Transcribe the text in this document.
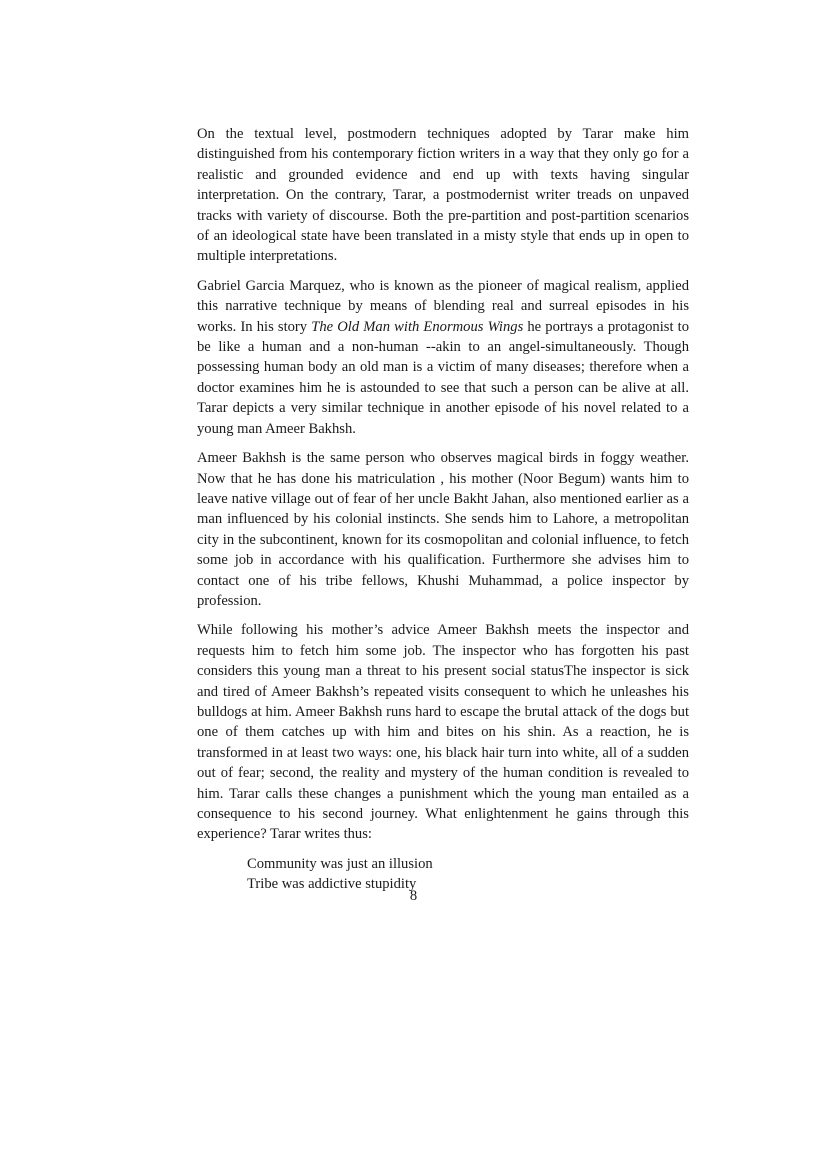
On the textual level, postmodern techniques adopted by Tarar make him distinguished from his contemporary fiction writers in a way that they only go for a realistic and grounded evidence and end up with texts having singular interpretation. On the contrary, Tarar, a postmodernist writer treads on unpaved tracks with variety of discourse. Both the pre-partition and post-partition scenarios of an ideological state have been translated in a misty style that ends up in open to multiple interpretations.

Gabriel Garcia Marquez, who is known as the pioneer of magical realism, applied this narrative technique by means of blending real and surreal episodes in his works. In his story The Old Man with Enormous Wings he portrays a protagonist to be like a human and a non-human --akin to an angel-simultaneously. Though possessing human body an old man is a victim of many diseases; therefore when a doctor examines him he is astounded to see that such a person can be alive at all. Tarar depicts a very similar technique in another episode of his novel related to a young man Ameer Bakhsh.

Ameer Bakhsh is the same person who observes magical birds in foggy weather. Now that he has done his matriculation , his mother (Noor Begum) wants him to leave native village out of fear of her uncle Bakht Jahan, also mentioned earlier as a man influenced by his colonial instincts. She sends him to Lahore, a metropolitan city in the subcontinent, known for its cosmopolitan and colonial influence, to fetch some job in accordance with his qualification. Furthermore she advises him to contact one of his tribe fellows, Khushi Muhammad, a police inspector by profession.

While following his mother’s advice Ameer Bakhsh meets the inspector and requests him to fetch him some job. The inspector who has forgotten his past considers this young man a threat to his present social statusThe inspector is sick and tired of Ameer Bakhsh’s repeated visits consequent to which he unleashes his bulldogs at him. Ameer Bakhsh runs hard to escape the brutal attack of the dogs but one of them catches up with him and bites on his shin. As a reaction, he is transformed in at least two ways: one, his black hair turn into white, all of a sudden out of fear; second, the reality and mystery of the human condition is revealed to him. Tarar calls these changes a punishment which the young man entailed as a consequence to his second journey. What enlightenment he gains through this experience? Tarar writes thus:

Community was just an illusion
Tribe was addictive stupidity
8
